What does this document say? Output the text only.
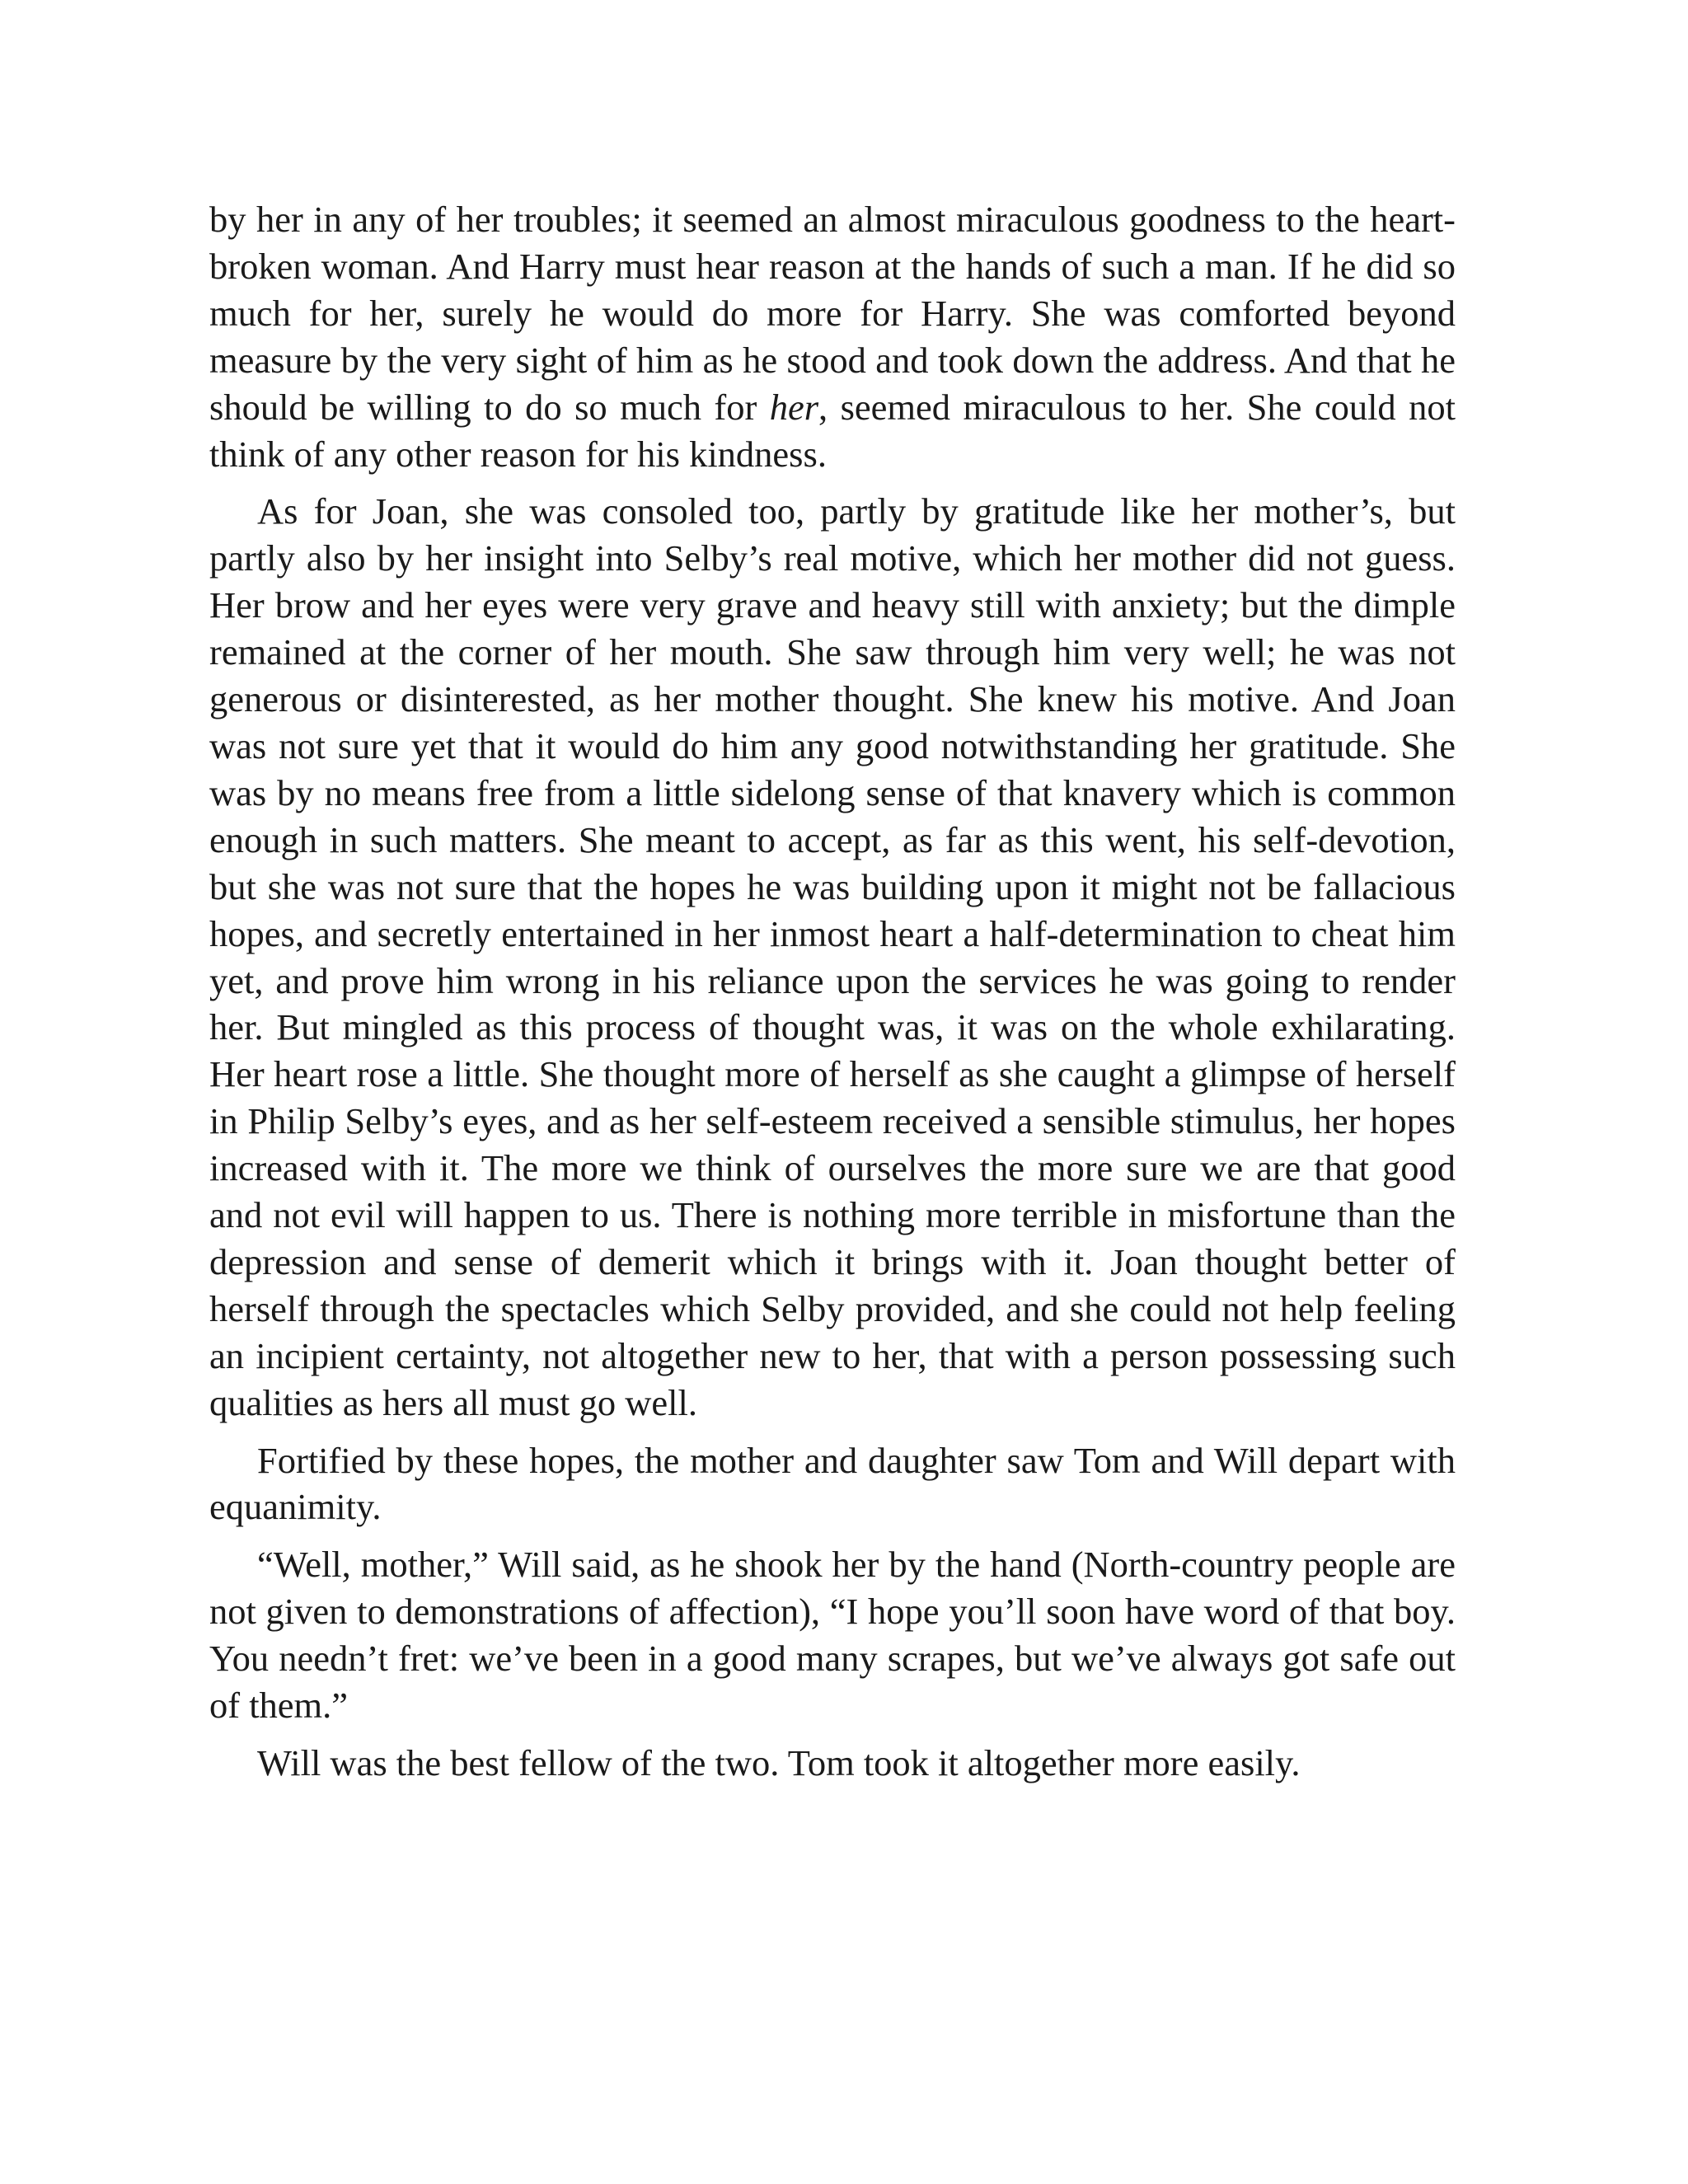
by her in any of her troubles; it seemed an almost miraculous goodness to the heart-broken woman. And Harry must hear reason at the hands of such a man. If he did so much for her, surely he would do more for Harry. She was comforted beyond measure by the very sight of him as he stood and took down the address. And that he should be willing to do so much for her, seemed miraculous to her. She could not think of any other reason for his kindness.

As for Joan, she was consoled too, partly by gratitude like her mother’s, but partly also by her insight into Selby’s real motive, which her mother did not guess. Her brow and her eyes were very grave and heavy still with anxiety; but the dimple remained at the corner of her mouth. She saw through him very well; he was not generous or disinterested, as her mother thought. She knew his motive. And Joan was not sure yet that it would do him any good notwithstanding her gratitude. She was by no means free from a little sidelong sense of that knavery which is common enough in such matters. She meant to accept, as far as this went, his self-devotion, but she was not sure that the hopes he was building upon it might not be fallacious hopes, and secretly entertained in her inmost heart a half-determination to cheat him yet, and prove him wrong in his reliance upon the services he was going to render her. But mingled as this process of thought was, it was on the whole exhilarating. Her heart rose a little. She thought more of herself as she caught a glimpse of herself in Philip Selby’s eyes, and as her self-esteem received a sensible stimulus, her hopes increased with it. The more we think of ourselves the more sure we are that good and not evil will happen to us. There is nothing more terrible in misfortune than the depression and sense of demerit which it brings with it. Joan thought better of herself through the spectacles which Selby provided, and she could not help feeling an incipient certainty, not altogether new to her, that with a person possessing such qualities as hers all must go well.

Fortified by these hopes, the mother and daughter saw Tom and Will depart with equanimity.

“Well, mother,” Will said, as he shook her by the hand (North-country people are not given to demonstrations of affection), “I hope you’ll soon have word of that boy. You needn’t fret: we’ve been in a good many scrapes, but we’ve always got safe out of them.”

Will was the best fellow of the two. Tom took it altogether more easily.
